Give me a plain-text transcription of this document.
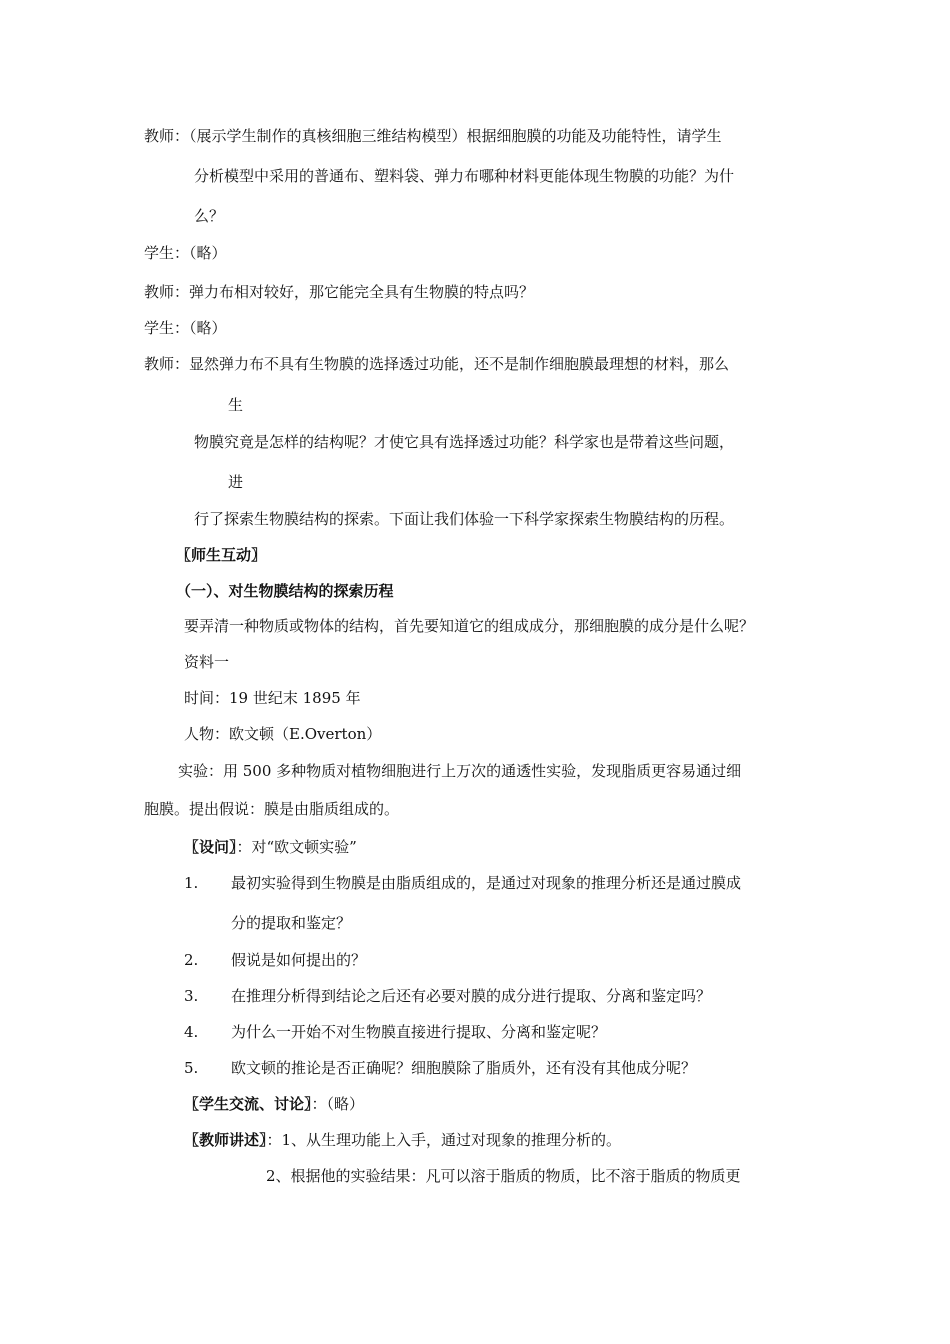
教师：（展示学生制作的真核细胞三维结构模型）根据细胞膜的功能及功能特性，请学生
分析模型中采用的普通布、塑料袋、弹力布哪种材料更能体现生物膜的功能？为什
么？
学生：（略）
教师：弹力布相对较好，那它能完全具有生物膜的特点吗？
学生：（略）
教师：显然弹力布不具有生物膜的选择透过功能，还不是制作细胞膜最理想的材料，那么
生
物膜究竟是怎样的结构呢？才使它具有选择透过功能？科学家也是带着这些问题，
进
行了探索生物膜结构的探索。下面让我们体验一下科学家探索生物膜结构的历程。
〖师生互动〗
（一）、对生物膜结构的探索历程
要弄清一种物质或物体的结构，首先要知道它的组成成分，那细胞膜的成分是什么呢？
资料一
时间：19 世纪末 1895 年
人物：欧文顿（E.Overton）
实验：用 500 多种物质对植物细胞进行上万次的通透性实验，发现脂质更容易通过细
胞膜。提出假说：膜是由脂质组成的。
〖设问〗：对“欧文顿实验”
1. 最初实验得到生物膜是由脂质组成的，是通过对现象的推理分析还是通过膜成
分的提取和鉴定？
2. 假说是如何提出的？
3. 在推理分析得到结论之后还有必要对膜的成分进行提取、分离和鉴定吗？
4. 为什么一开始不对生物膜直接进行提取、分离和鉴定呢？
5. 欧文顿的推论是否正确呢？细胞膜除了脂质外，还有没有其他成分呢？
〖学生交流、讨论〗：（略）
〖教师讲述〗：1、从生理功能上入手，通过对现象的推理分析的。
2、根据他的实验结果：凡可以溶于脂质的物质，比不溶于脂质的物质更
